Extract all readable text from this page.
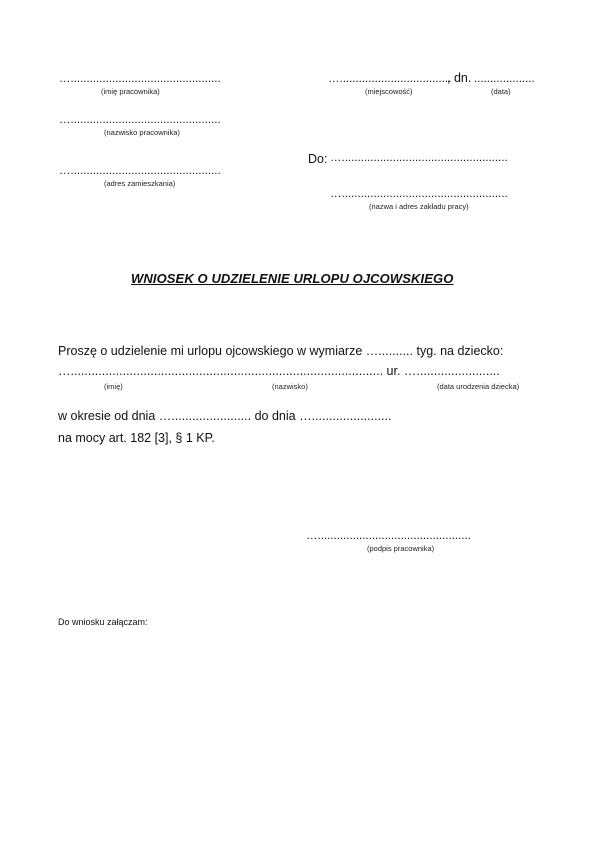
…...............................................
(imię pracownika)
…...............................................
(nazwisko pracownika)
…...............................................
(adres zamieszkania)
…...................................
, dn. ...................
(miejscowość)	(data)
Do: …....................................................
…....................................................
(nazwa i adres zakładu pracy)
WNIOSEK O UDZIELENIE URLOPU OJCOWSKIEGO
Proszę o udzielenie mi urlopu ojcowskiego w wymiarze ….......... tyg. na dziecko:
….......................................................................................... ur. …........................
(imię)	(nazwisko)	(data urodzenia dziecka)
w okresie od dnia …....................... do dnia ….......................
na mocy art. 182 [3], § 1 KP.
…................................................
(podpis pracownika)
Do wniosku załączam:
